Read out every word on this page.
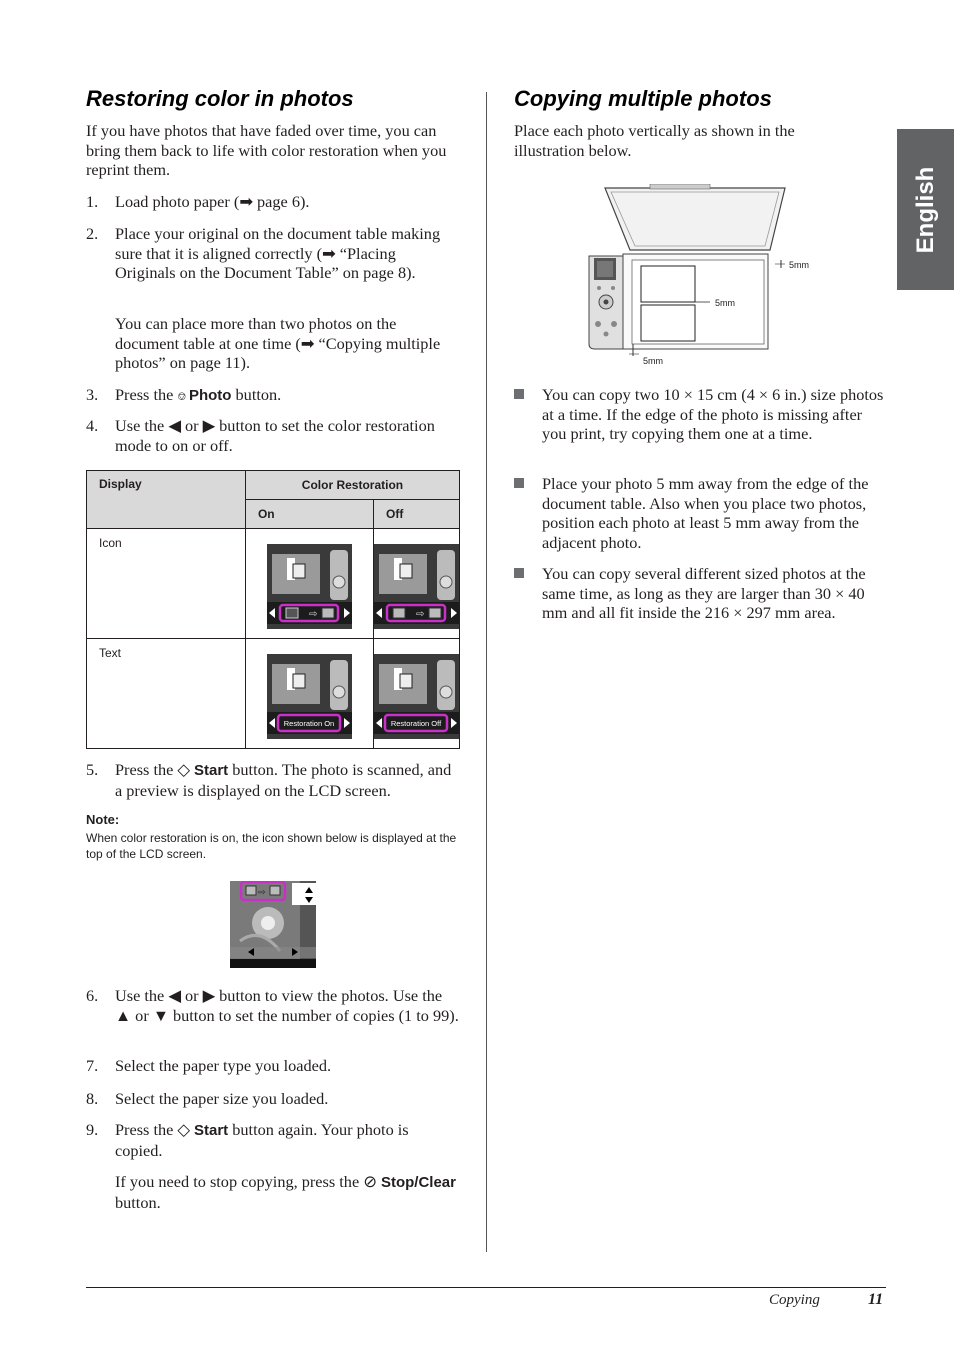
English
Restoring color in photos
If you have photos that have faded over time, you can bring them back to life with color restoration when you reprint them.
1. Load photo paper (➡ page 6).
2. Place your original on the document table making sure that it is aligned correctly (➡ “Placing Originals on the Document Table” on page 8).
You can place more than two photos on the document table at one time (➡ “Copying multiple photos” on page 11).
3. Press the ⎊ Photo button.
4. Use the ◀ or ▶ button to set the color restoration mode to on or off.
Display	Color Restoration	
	On	Off
Icon	⇨	⇨

Text	Restoration On	Restoration Off
5. Press the ◇ Start button. The photo is scanned, and a preview is displayed on the LCD screen.
Note:
When color restoration is on, the icon shown below is displayed at the top of the LCD screen.
⇨
6. Use the ◀ or ▶ button to view the photos. Use the ▲ or ▼ button to set the number of copies (1 to 99).
7. Select the paper type you loaded.
8. Select the paper size you loaded.
9. Press the ◇ Start button again. Your photo is copied.
If you need to stop copying, press the ⊘ Stop/Clear button.
Copying multiple photos
Place each photo vertically as shown in the illustration below.
5mm
5mm
5mm
You can copy two 10 × 15 cm (4 × 6 in.) size photos at a time. If the edge of the photo is missing after you print, try copying them one at a time.
Place your photo 5 mm away from the edge of the document table. Also when you place two photos, position each photo at least 5 mm away from the adjacent photo.
You can copy several different sized photos at the same time, as long as they are larger than 30 × 40 mm and all fit inside the 216 × 297 mm area.
Copying	11
